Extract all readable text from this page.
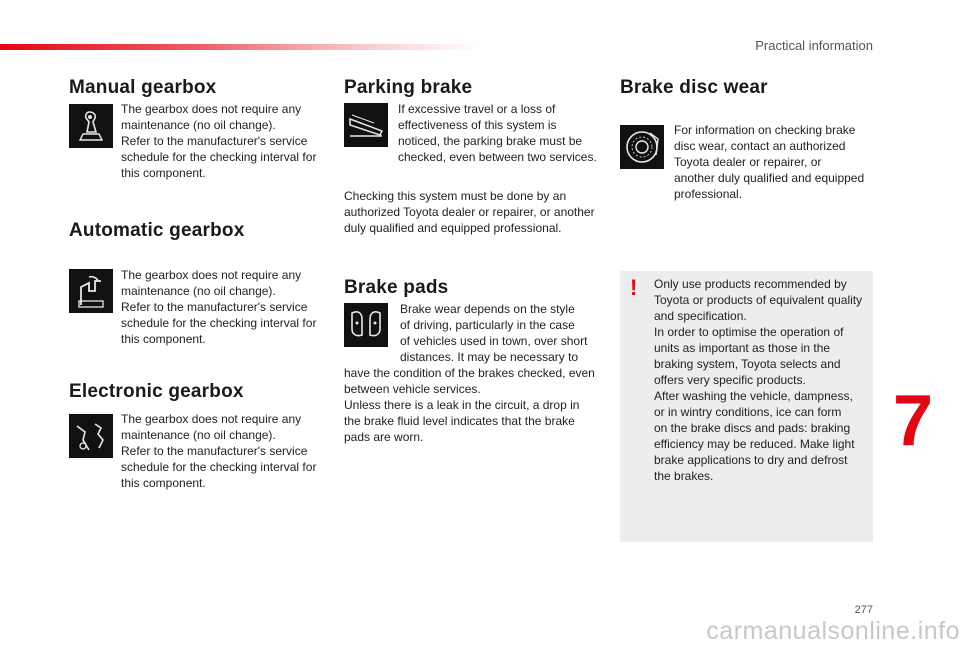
Practical information
Manual gearbox
The gearbox does not require any
maintenance (no oil change).
Refer to the manufacturer's service
schedule for the checking interval for
this component.
Automatic gearbox
The gearbox does not require any
maintenance (no oil change).
Refer to the manufacturer's service
schedule for the checking interval for
this component.
Electronic gearbox
The gearbox does not require any
maintenance (no oil change).
Refer to the manufacturer's service
schedule for the checking interval for
this component.
Parking brake
If excessive travel or a loss of
effectiveness of this system is
noticed, the parking brake must be
checked, even between two services.
Checking this system must be done by an
authorized Toyota dealer or repairer, or another
duly qualified and equipped professional.
Brake pads
Brake wear depends on the style
of driving, particularly in the case
of vehicles used in town, over short
distances. It may be necessary to
have the condition of the brakes checked, even
between vehicle services.
Unless there is a leak in the circuit, a drop in
the brake fluid level indicates that the brake
pads are worn.
Brake disc wear
For information on checking brake
disc wear, contact an authorized
Toyota dealer or repairer, or
another duly qualified and equipped
professional.
! Only use products recommended by
Toyota or products of equivalent quality
and specification.
In order to optimise the operation of
units as important as those in the
braking system, Toyota selects and
offers very specific products.
After washing the vehicle, dampness,
or in wintry conditions, ice can form
on the brake discs and pads: braking
efficiency may be reduced. Make light
brake applications to dry and defrost
the brakes.
7
277
carmanualsonline.info
